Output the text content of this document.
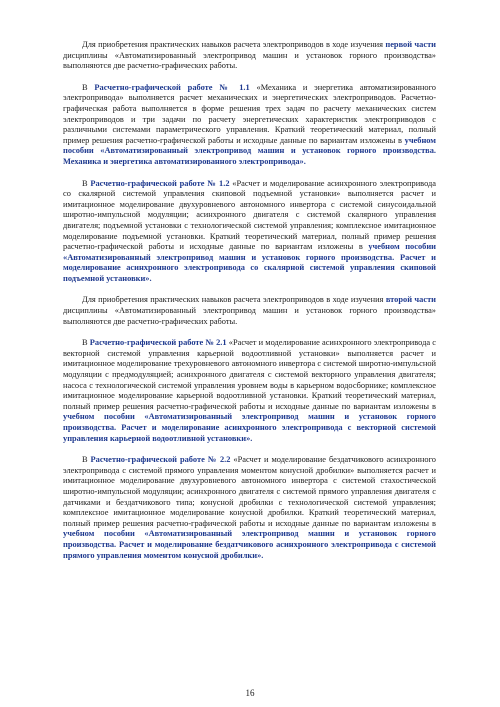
Для приобретения практических навыков расчета электроприводов в ходе изучения первой части дисциплины «Автоматизированный электропривод машин и установок горного производства» выполняются две расчетно-графических работы.

В Расчетно-графической работе № 1.1 «Механика и энергетика автоматизированного электропривода» выполняется расчет механических и энергетических электроприводов. Расчетно-графическая работа выполняется в форме решения трех задач по расчету механических систем электроприводов и три задачи по расчету энергетических характеристик электроприводов с различными системами параметрического управления. Краткий теоретический материал, полный пример решения расчетно-графической работы и исходные данные по вариантам изложены в учебном пособии «Автоматизированный электропривод машин и установок горного производства. Механика и энергетика автоматизированного электропривода».

В Расчетно-графической работе № 1.2 «Расчет и моделирование асинхронного электропривода со скалярной системой управления скиповой подъемной установки» выполняется расчет и имитационное моделирование двухуровневого автономного инвертора с системой синусоидальной широтно-импульсной модуляции; асинхронного двигателя с системой скалярного управления двигателя; подъемной установки с технологической системой управления; комплексное имитационное моделирование подъемной установки. Краткий теоретический материал, полный пример решения расчетно-графической работы и исходные данные по вариантам изложены в учебном пособии «Автоматизированный электропривод машин и установок горного производства. Расчет и моделирование асинхронного электропривода со скалярной системой управления скиповой подъемной установки».

Для приобретения практических навыков расчета электроприводов в ходе изучения второй части дисциплины «Автоматизированный электропривод машин и установок горного производства» выполняются две расчетно-графических работы.

В Расчетно-графической работе № 2.1 «Расчет и моделирование асинхронного электропривода с векторной системой управления карьерной водоотливной установки» выполняется расчет и имитационное моделирование трехуровневого автономного инвертора с системой широтно-импульсной модуляции с предмодуляцией; асинхронного двигателя с системой векторного управления двигателя; насоса с технологической системой управления уровнем воды в карьерном водосборнике; комплексное имитационное моделирование карьерной водоотливной установки. Краткий теоретический материал, полный пример решения расчетно-графической работы и исходные данные по вариантам изложены в учебном пособии «Автоматизированный электропривод машин и установок горного производства. Расчет и моделирование асинхронного электропривода с векторной системой управления карьерной водоотливной установки».

В Расчетно-графической работе № 2.2 «Расчет и моделирование бездатчикового асинхронного электропривода с системой прямого управления моментом конусной дробилки» выполняется расчет и имитационное моделирование двухуровневого автономного инвертора с системой стахостической широтно-импульсной модуляции; асинхронного двигателя с системой прямого управления двигателя с датчиками и бездатчикового типа; конусной дробилки с технологической системой управления; комплексное имитационное моделирование конусной дробилки. Краткий теоретический материал, полный пример решения расчетно-графической работы и исходные данные по вариантам изложены в учебном пособии «Автоматизированный электропривод машин и установок горного производства. Расчет и моделирование бездатчикового асинхронного электропривода с системой прямого управления моментом конусной дробилки».

16
